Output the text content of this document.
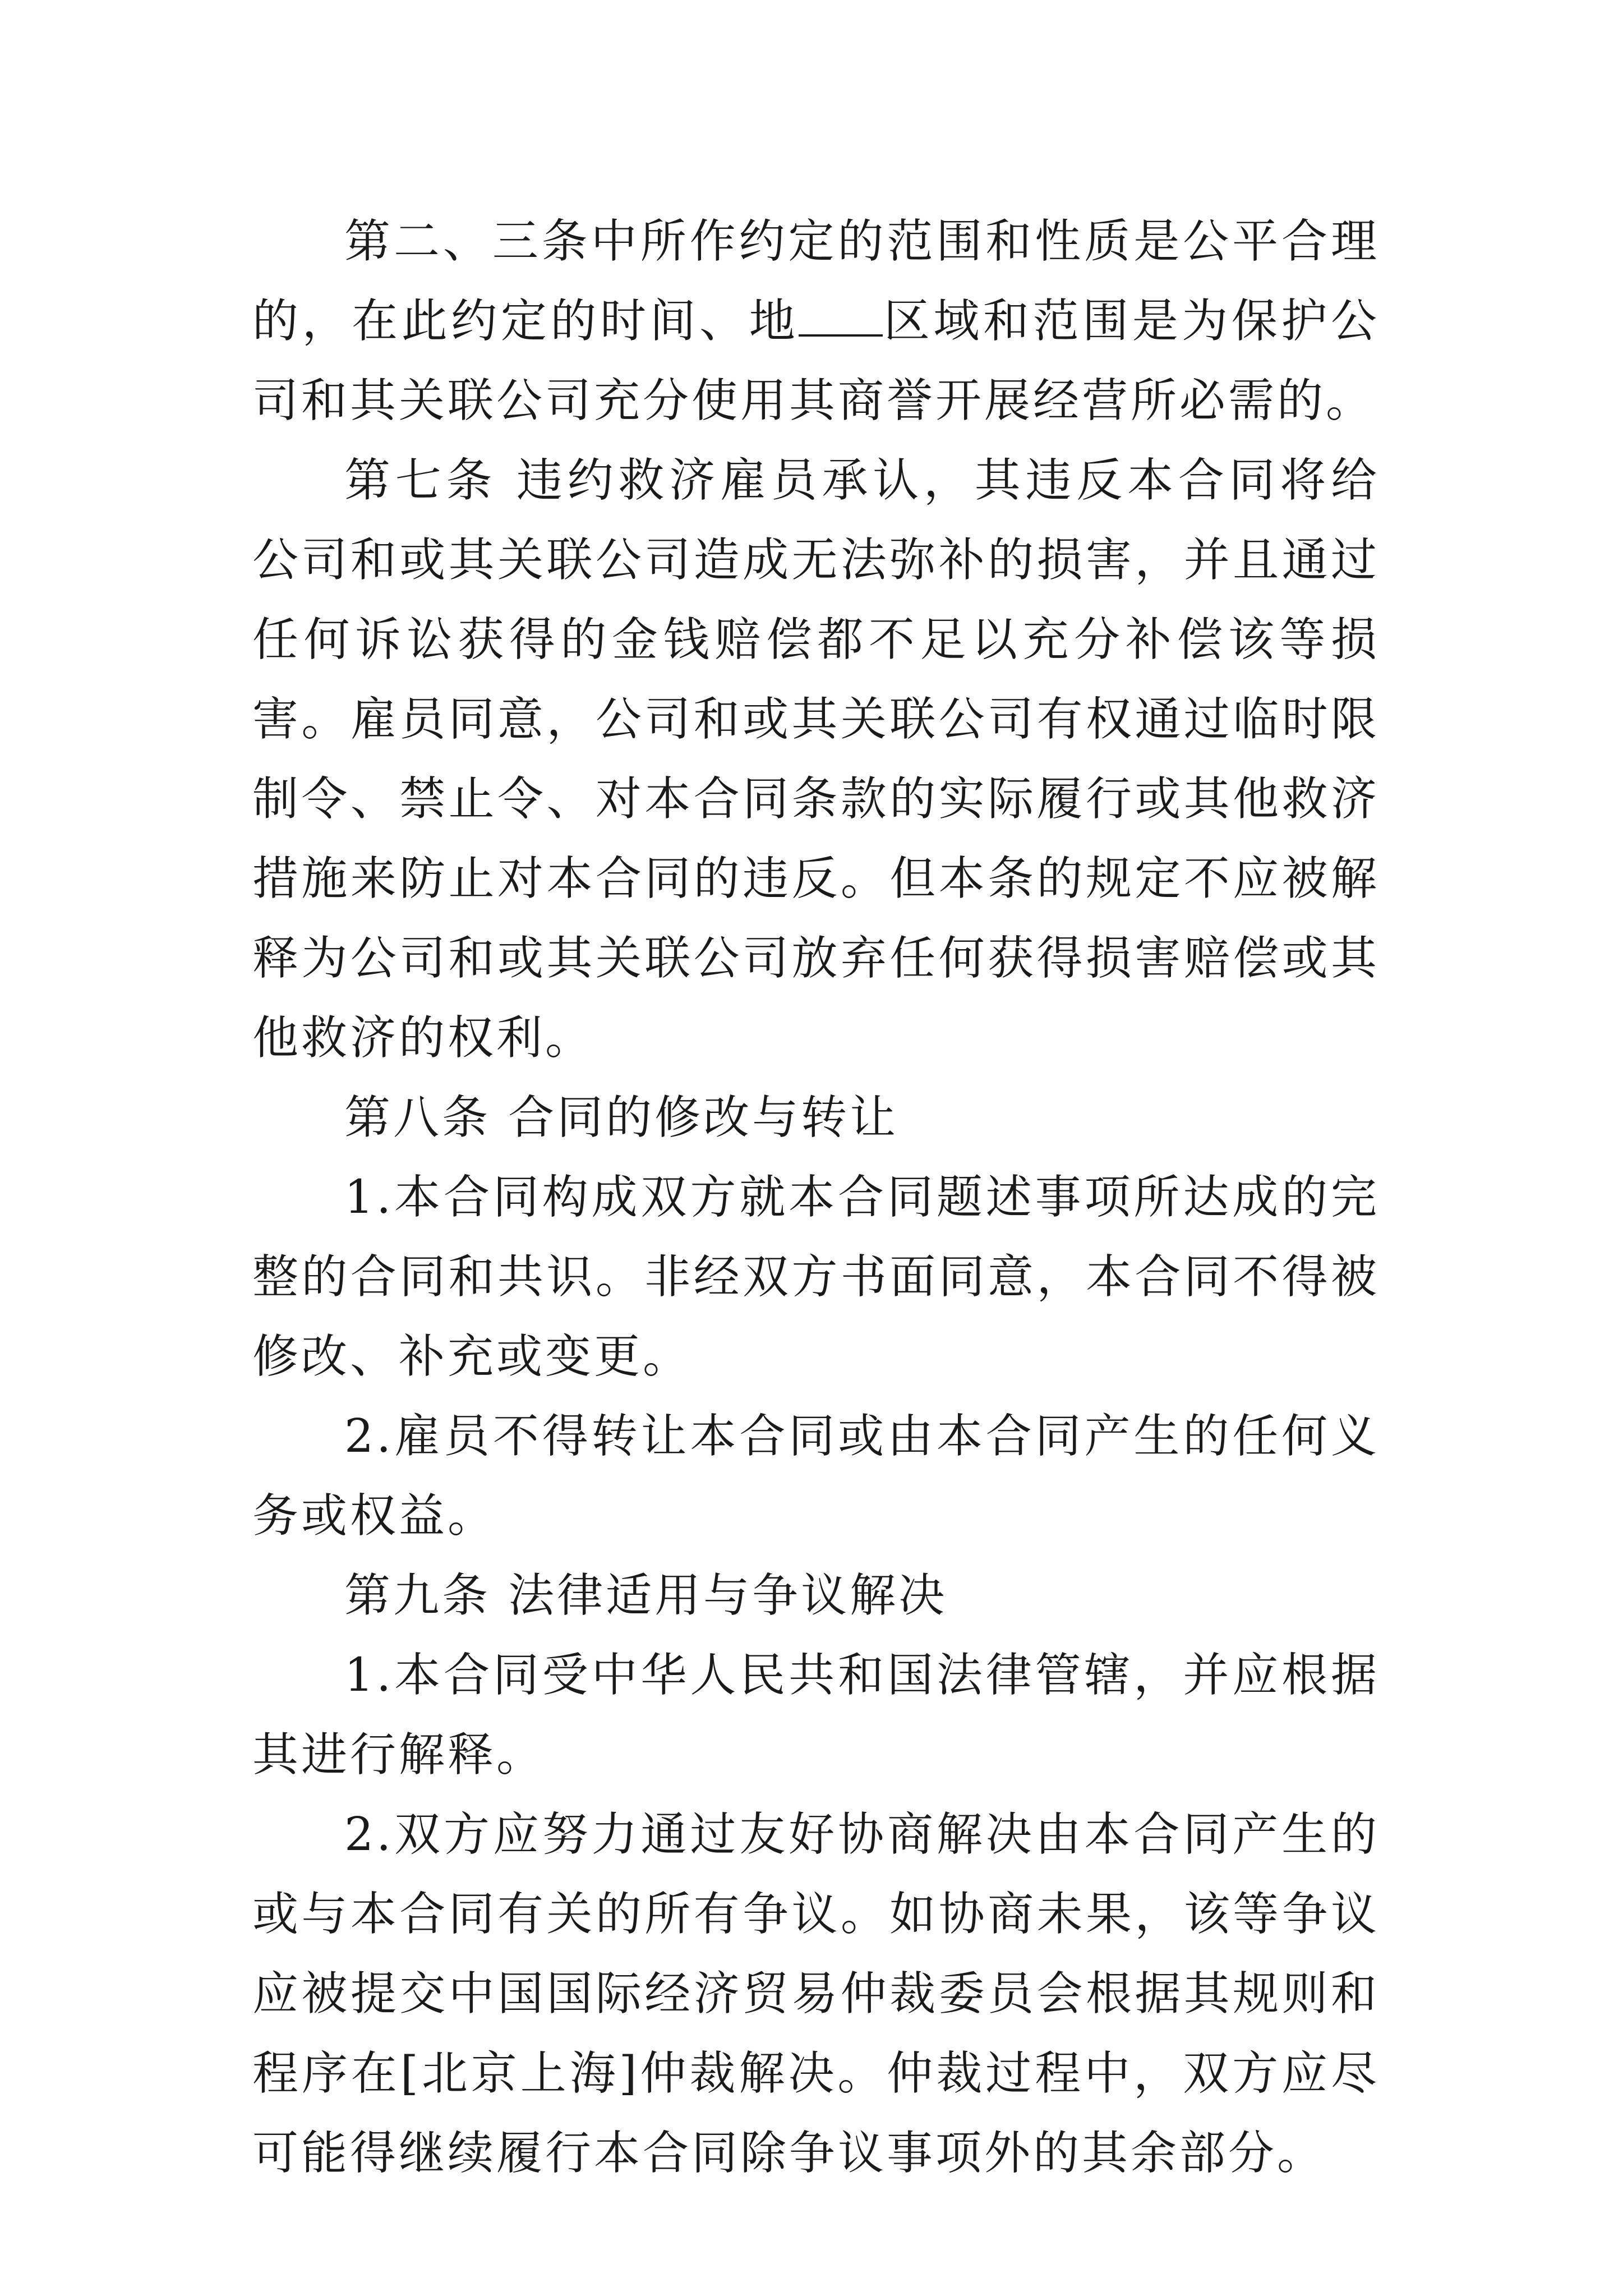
第二、三条中所作约定的范围和性质是公平合理的，在此约定的时间、地 区域和范围是为保护公司和其关联公司充分使用其商誉开展经营所必需的。

第七条 违约救济雇员承认，其违反本合同将给公司和或其关联公司造成无法弥补的损害，并且通过任何诉讼获得的金钱赔偿都不足以充分补偿该等损害。雇员同意，公司和或其关联公司有权通过临时限制令、禁止令、对本合同条款的实际履行或其他救济措施来防止对本合同的违反。但本条的规定不应被解释为公司和或其关联公司放弃任何获得损害赔偿或其他救济的权利。

第八条 合同的修改与转让

1.本合同构成双方就本合同题述事项所达成的完整的合同和共识。非经双方书面同意，本合同不得被修改、补充或变更。

2.雇员不得转让本合同或由本合同产生的任何义务或权益。

第九条 法律适用与争议解决

1.本合同受中华人民共和国法律管辖，并应根据其进行解释。

2.双方应努力通过友好协商解决由本合同产生的或与本合同有关的所有争议。如协商未果，该等争议应被提交中国国际经济贸易仲裁委员会根据其规则和程序在[北京上海]仲裁解决。仲裁过程中，双方应尽可能得继续履行本合同除争议事项外的其余部分。
